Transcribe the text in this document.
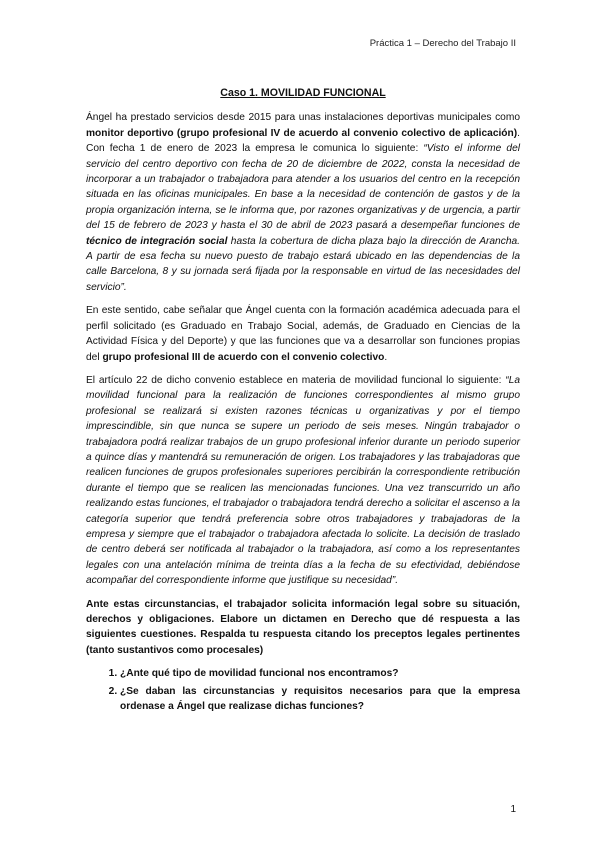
Práctica 1 – Derecho del Trabajo II
Caso 1. MOVILIDAD FUNCIONAL

Ángel ha prestado servicios desde 2015 para unas instalaciones deportivas municipales como monitor deportivo (grupo profesional IV de acuerdo al convenio colectivo de aplicación). Con fecha 1 de enero de 2023 la empresa le comunica lo siguiente: “Visto el informe del servicio del centro deportivo con fecha de 20 de diciembre de 2022, consta la necesidad de incorporar a un trabajador o trabajadora para atender a los usuarios del centro en la recepción situada en las oficinas municipales. En base a la necesidad de contención de gastos y de la propia organización interna, se le informa que, por razones organizativas y de urgencia, a partir del 15 de febrero de 2023 y hasta el 30 de abril de 2023 pasará a desempeñar funciones de técnico de integración social hasta la cobertura de dicha plaza bajo la dirección de Arancha. A partir de esa fecha su nuevo puesto de trabajo estará ubicado en las dependencias de la calle Barcelona, 8 y su jornada será fijada por la responsable en virtud de las necesidades del servicio”.

En este sentido, cabe señalar que Ángel cuenta con la formación académica adecuada para el perfil solicitado (es Graduado en Trabajo Social, además, de Graduado en Ciencias de la Actividad Física y del Deporte) y que las funciones que va a desarrollar son funciones propias del grupo profesional III de acuerdo con el convenio colectivo.

El artículo 22 de dicho convenio establece en materia de movilidad funcional lo siguiente: “La movilidad funcional para la realización de funciones correspondientes al mismo grupo profesional se realizará si existen razones técnicas u organizativas y por el tiempo imprescindible, sin que nunca se supere un periodo de seis meses. Ningún trabajador o trabajadora podrá realizar trabajos de un grupo profesional inferior durante un periodo superior a quince días y mantendrá su remuneración de origen. Los trabajadores y las trabajadoras que realicen funciones de grupos profesionales superiores percibirán la correspondiente retribución durante el tiempo que se realicen las mencionadas funciones. Una vez transcurrido un año realizando estas funciones, el trabajador o trabajadora tendrá derecho a solicitar el ascenso a la categoría superior que tendrá preferencia sobre otros trabajadores y trabajadoras de la empresa y siempre que el trabajador o trabajadora afectada lo solicite. La decisión de traslado de centro deberá ser notificada al trabajador o la trabajadora, así como a los representantes legales con una antelación mínima de treinta días a la fecha de su efectividad, debiéndose acompañar del correspondiente informe que justifique su necesidad”.

Ante estas circunstancias, el trabajador solicita información legal sobre su situación, derechos y obligaciones. Elabore un dictamen en Derecho que dé respuesta a las siguientes cuestiones. Respalda tu respuesta citando los preceptos legales pertinentes (tanto sustantivos como procesales)

1. ¿Ante qué tipo de movilidad funcional nos encontramos?
2. ¿Se daban las circunstancias y requisitos necesarios para que la empresa ordenase a Ángel que realizase dichas funciones?
1
